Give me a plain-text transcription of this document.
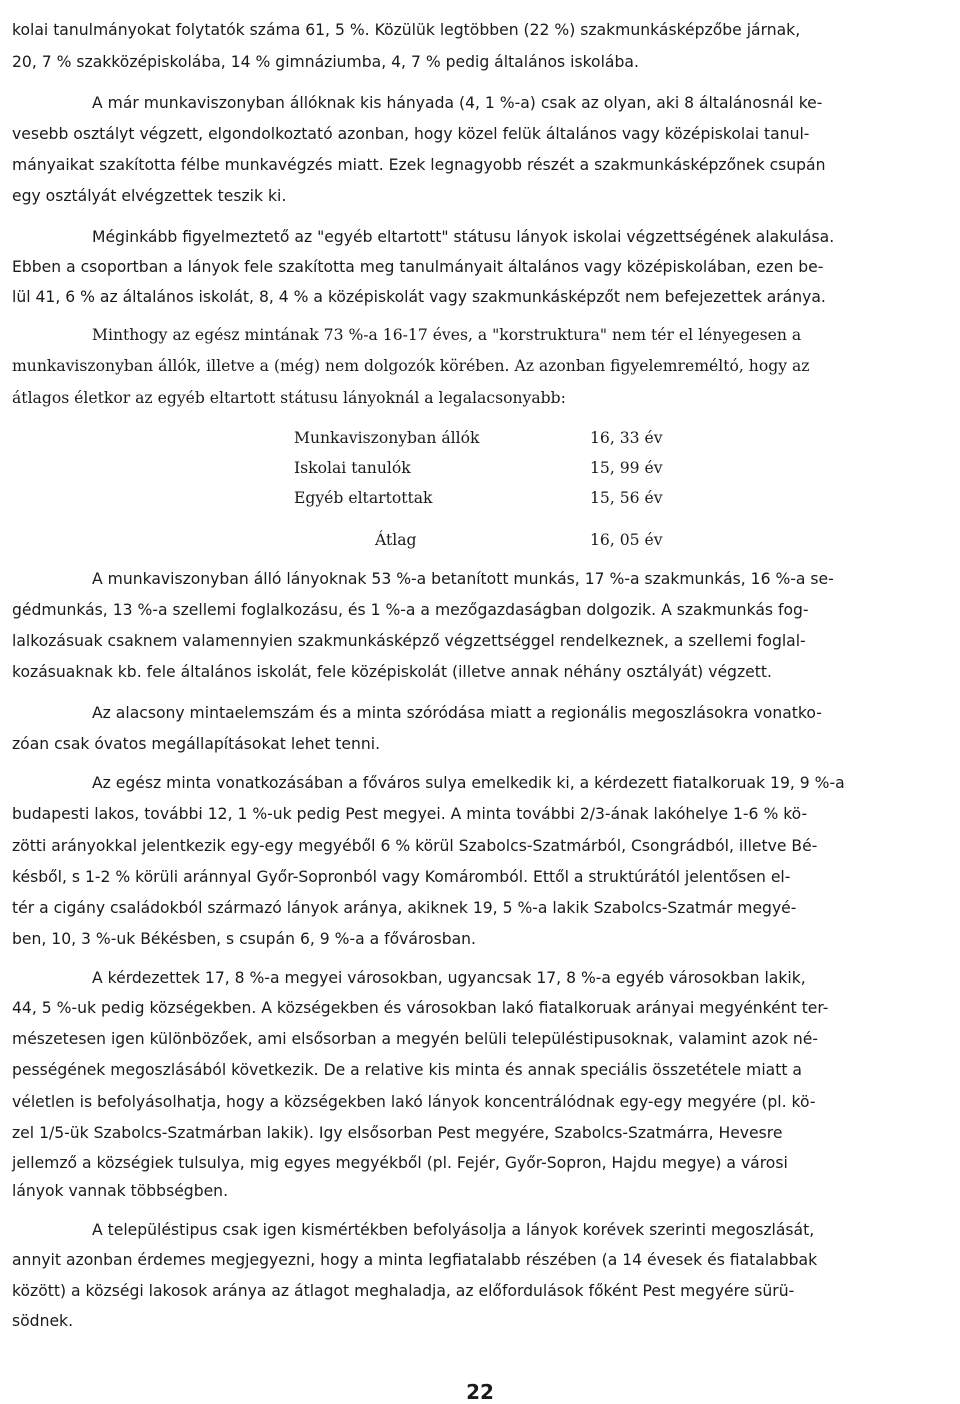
kolai tanulmányokat folytatók száma 61, 5 %. Közülük legtöbben (22 %) szakmunkásképzőbe járnak,
20, 7 % szakközépiskolába, 14 % gimnáziumba, 4, 7 % pedig általános iskolába.
A már munkaviszonyban állóknak kis hányada (4, 1 %-a) csak az olyan, aki 8 általánosnál ke-
vesebb osztályt végzett, elgondolkoztató azonban, hogy közel felük általános vagy középiskolai tanul-
mányaikat szakította félbe munkavégzés miatt. Ezek legnagyobb részét a szakmunkásképzőnek csupán
egy osztályát elvégzettek teszik ki.
Méginkább figyelmeztető az "egyéb eltartott" státusu lányok iskolai végzettségének alakulása.
Ebben a csoportban a lányok fele szakította meg tanulmányait általános vagy középiskolában, ezen be-
lül 41, 6 % az általános iskolát, 8, 4 % a középiskolát vagy szakmunkásképzőt nem befejezettek aránya.
Minthogy az egész mintának 73 %-a 16-17 éves, a "korstruktura" nem tér el lényegesen a
munkaviszonyban állók, illetve a (még) nem dolgozók körében. Az azonban figyelemreméltó, hogy az
átlagos életkor az egyéb eltartott státusu lányoknál a legalacsonyabb:
Munkaviszonyban állók	16, 33 év
Iskolai tanulók	15, 99 év
Egyéb eltartottak	15, 56 év
Átlag	16, 05 év
A munkaviszonyban álló lányoknak 53 %-a betanított munkás, 17 %-a szakmunkás, 16 %-a se-
gédmunkás, 13 %-a szellemi foglalkozásu, és 1 %-a a mezőgazdaságban dolgozik. A szakmunkás fog-
lalkozásuak csaknem valamennyien szakmunkásképző végzettséggel rendelkeznek, a szellemi foglal-
kozásuaknak kb. fele általános iskolát, fele középiskolát (illetve annak néhány osztályát) végzett.
Az alacsony mintaelemszám és a minta szóródása miatt a regionális megoszlásokra vonatko-
zóan csak óvatos megállapításokat lehet tenni.
Az egész minta vonatkozásában a főváros sulya emelkedik ki, a kérdezett fiatalkoruak 19, 9 %-a
budapesti lakos, további 12, 1 %-uk pedig Pest megyei. A minta további 2/3-ának lakóhelye 1-6 % kö-
zötti arányokkal jelentkezik egy-egy megyéből 6 % körül Szabolcs-Szatmárból, Csongrádból, illetve Bé-
késből, s 1-2 % körüli aránnyal Győr-Sopronból vagy Komáromból. Ettől a struktúrától jelentősen el-
tér a cigány családokból származó lányok aránya, akiknek 19, 5 %-a lakik Szabolcs-Szatmár megyé-
ben, 10, 3 %-uk Békésben, s csupán 6, 9 %-a a fővárosban.
A kérdezettek 17, 8 %-a megyei városokban, ugyancsak 17, 8 %-a egyéb városokban lakik,
44, 5 %-uk pedig községekben. A községekben és városokban lakó fiatalkoruak arányai megyénként ter-
mészetesen igen különbözőek, ami elsősorban a megyén belüli településtipusoknak, valamint azok né-
pességének megoszlásából következik. De a relative kis minta és annak speciális összetétele miatt a
véletlen is befolyásolhatja, hogy a községekben lakó lányok koncentrálódnak egy-egy megyére (pl. kö-
zel 1/5-ük Szabolcs-Szatmárban lakik). Igy elsősorban Pest megyére, Szabolcs-Szatmárra, Hevesre
jellemző a községiek tulsulya, mig egyes megyékből (pl. Fejér, Győr-Sopron, Hajdu megye) a városi
lányok vannak többségben.
A településtipus csak igen kismértékben befolyásolja a lányok korévek szerinti megoszlását,
annyit azonban érdemes megjegyezni, hogy a minta legfiatalabb részében (a 14 évesek és fiatalabbak
között) a községi lakosok aránya az átlagot meghaladja, az előfordulások főként Pest megyére sürü-
södnek.
22
